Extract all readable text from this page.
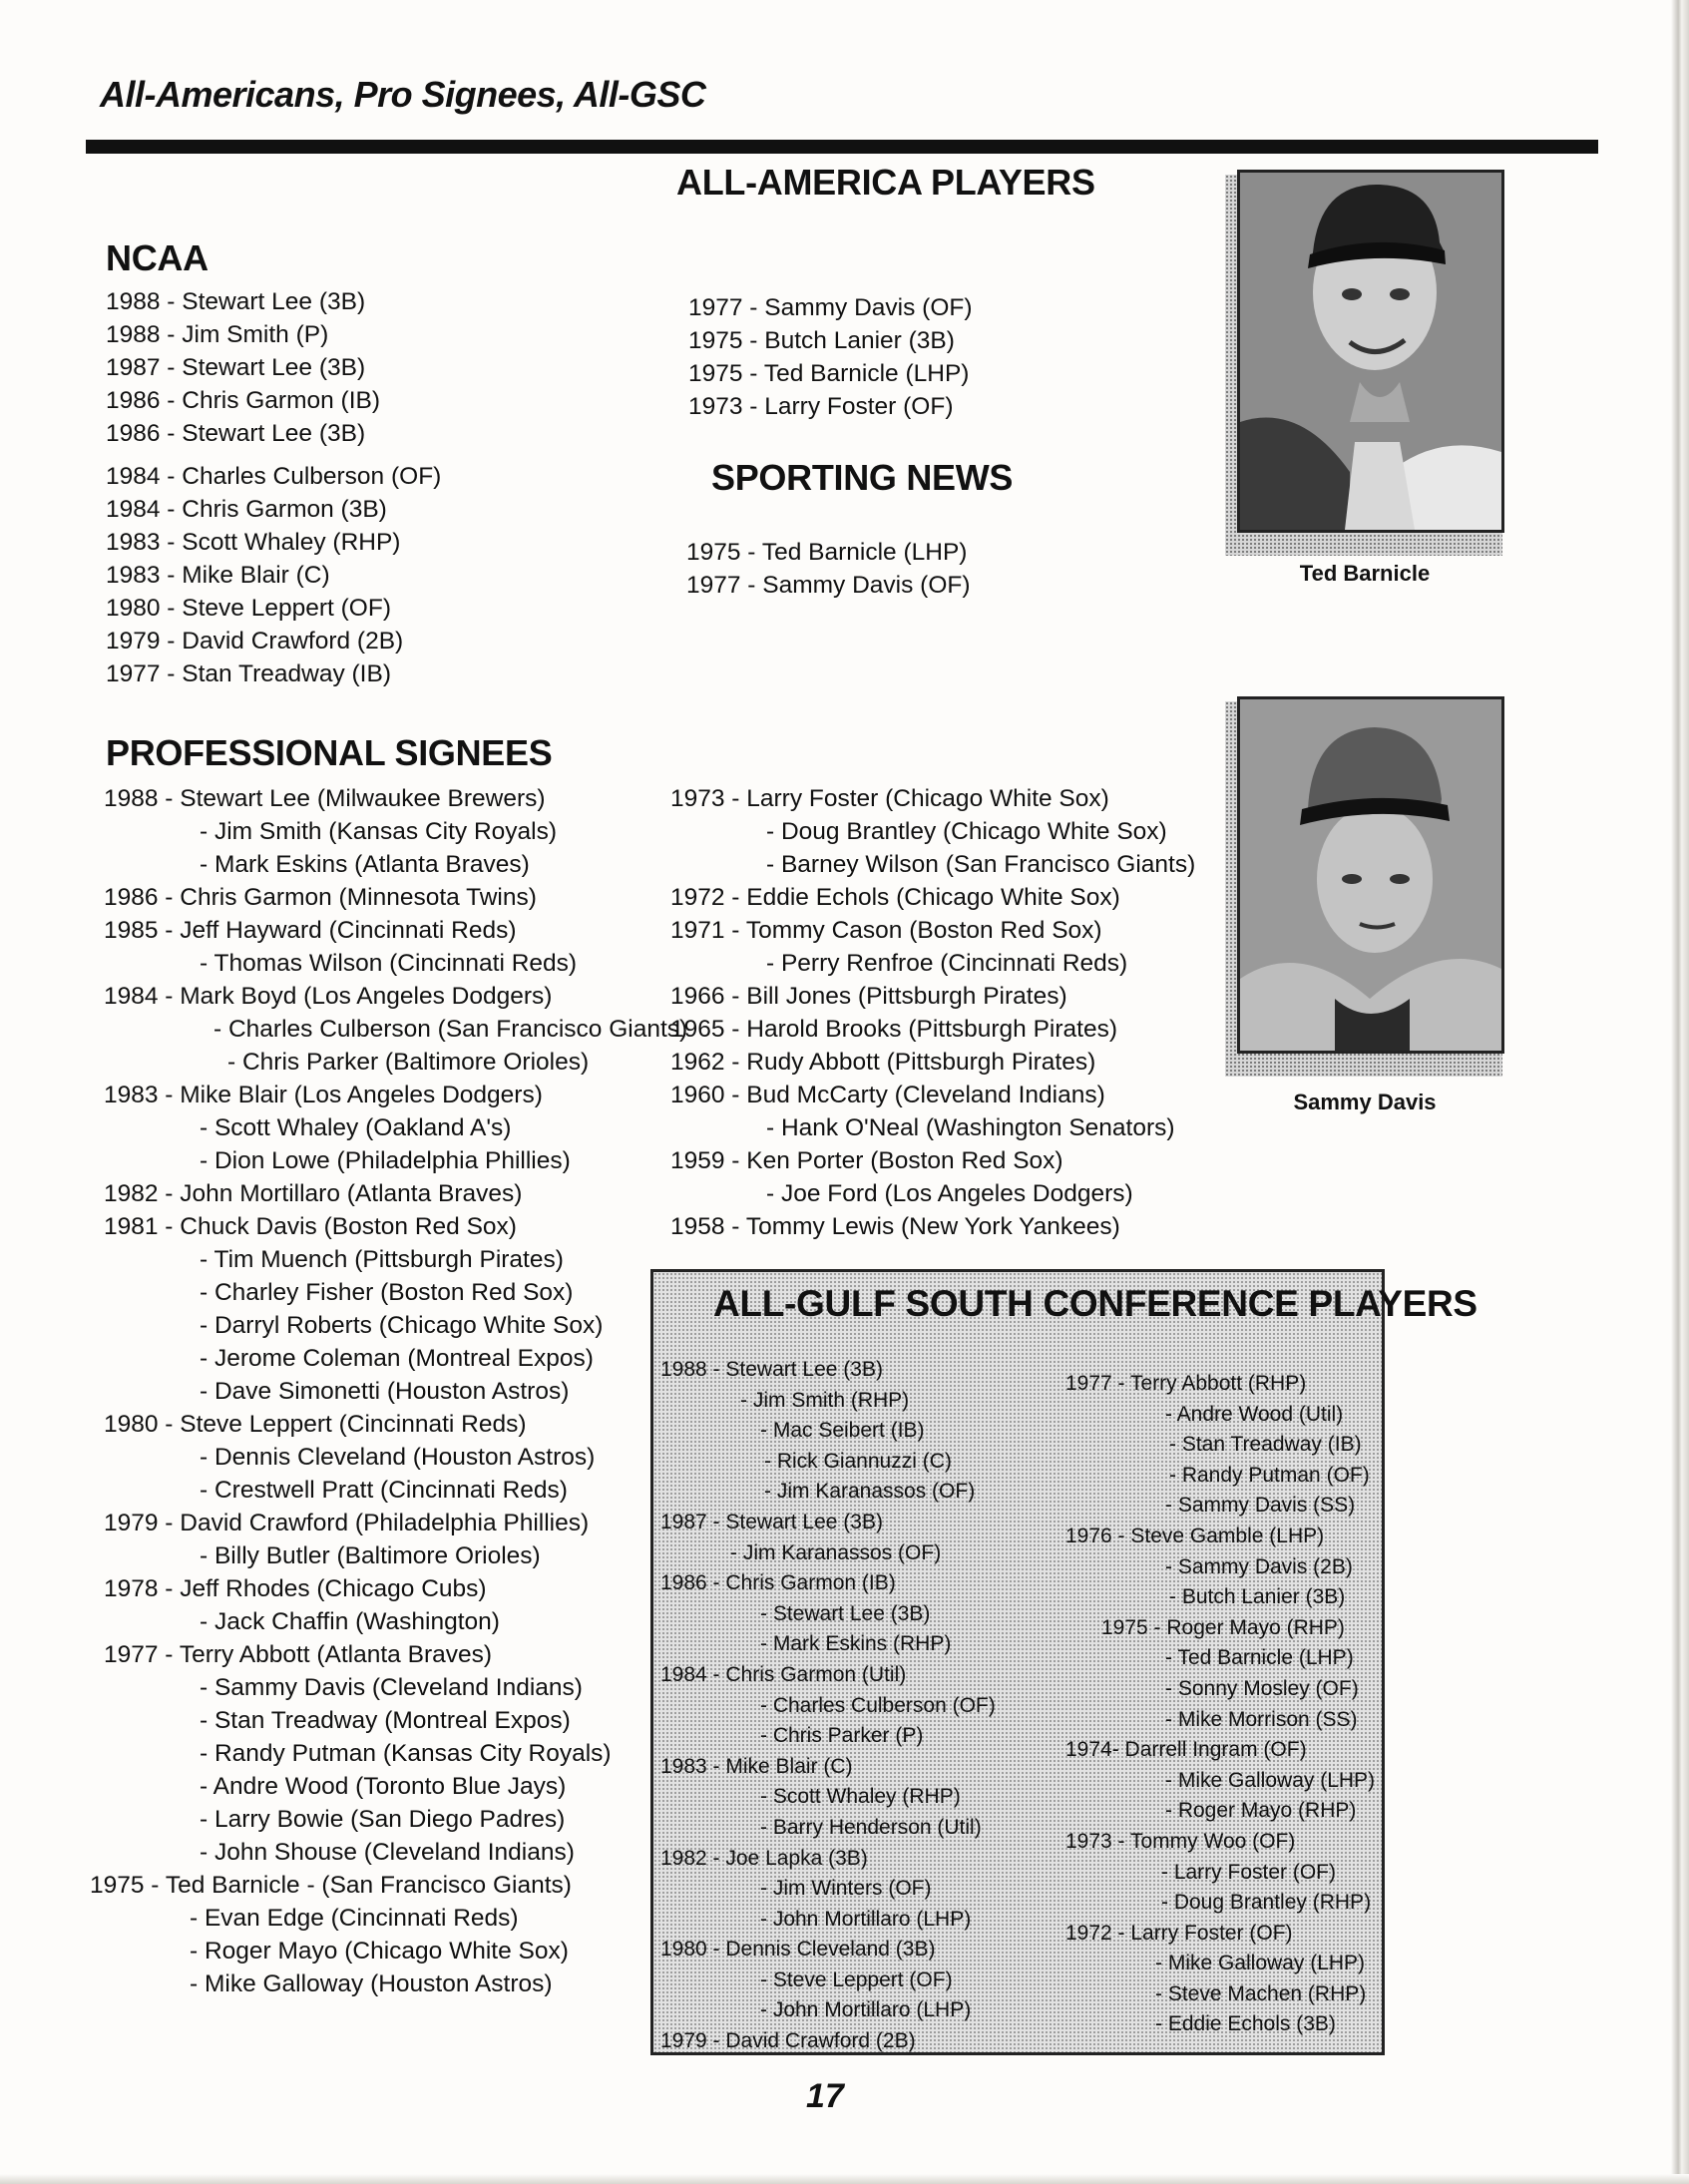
All-Americans, Pro Signees, All-GSC
ALL-AMERICA PLAYERS
NCAA
1988 - Stewart Lee (3B)
1988 - Jim Smith (P)
1987 - Stewart Lee (3B)
1986 - Chris Garmon (IB)
1986 - Stewart Lee (3B)
1984 - Charles Culberson (OF)
1984 - Chris Garmon (3B)
1983 - Scott Whaley (RHP)
1983 - Mike Blair (C)
1980 - Steve Leppert (OF)
1979 - David Crawford (2B)
1977 - Stan Treadway (IB)
1977 - Sammy Davis (OF)
1975 - Butch Lanier (3B)
1975 - Ted Barnicle (LHP)
1973 - Larry Foster (OF)
SPORTING NEWS
1975 - Ted Barnicle (LHP)
1977 - Sammy Davis (OF)	Ted Barnicle
Sammy Davis
PROFESSIONAL SIGNEES
1988 - Stewart Lee (Milwaukee Brewers)
- Jim Smith (Kansas City Royals)
- Mark Eskins (Atlanta Braves)
1986 - Chris Garmon (Minnesota Twins)
1985 - Jeff Hayward (Cincinnati Reds)
- Thomas Wilson (Cincinnati Reds)
1984 - Mark Boyd (Los Angeles Dodgers)
- Charles Culberson (San Francisco Giants)
- Chris Parker (Baltimore Orioles)
1983 - Mike Blair (Los Angeles Dodgers)
- Scott Whaley (Oakland A's)
- Dion Lowe (Philadelphia Phillies)
1982 - John Mortillaro (Atlanta Braves)
1981 - Chuck Davis (Boston Red Sox)
- Tim Muench (Pittsburgh Pirates)
- Charley Fisher (Boston Red Sox)
- Darryl Roberts (Chicago White Sox)
- Jerome Coleman (Montreal Expos)
- Dave Simonetti (Houston Astros)
1980 - Steve Leppert (Cincinnati Reds)
- Dennis Cleveland (Houston Astros)
- Crestwell Pratt (Cincinnati Reds)
1979 - David Crawford (Philadelphia Phillies)
- Billy Butler (Baltimore Orioles)
1978 - Jeff Rhodes (Chicago Cubs)
- Jack Chaffin (Washington)
1977 - Terry Abbott (Atlanta Braves)
- Sammy Davis (Cleveland Indians)
- Stan Treadway (Montreal Expos)
- Randy Putman (Kansas City Royals)
- Andre Wood (Toronto Blue Jays)
- Larry Bowie (San Diego Padres)
- John Shouse (Cleveland Indians)
1975 - Ted Barnicle - (San Francisco Giants)
- Evan Edge (Cincinnati Reds)
- Roger Mayo (Chicago White Sox)
- Mike Galloway (Houston Astros)
1973 - Larry Foster (Chicago White Sox)
- Doug Brantley (Chicago White Sox)
- Barney Wilson (San Francisco Giants)
1972 - Eddie Echols (Chicago White Sox)
1971 - Tommy Cason (Boston Red Sox)
- Perry Renfroe (Cincinnati Reds)
1966 - Bill Jones (Pittsburgh Pirates)
1965 - Harold Brooks (Pittsburgh Pirates)
1962 - Rudy Abbott (Pittsburgh Pirates)
1960 - Bud McCarty (Cleveland Indians)
- Hank O'Neal (Washington Senators)
1959 - Ken Porter (Boston Red Sox)
- Joe Ford (Los Angeles Dodgers)
1958 - Tommy Lewis (New York Yankees)
ALL-GULF SOUTH CONFERENCE PLAYERS
1988 - Stewart Lee (3B)
- Jim Smith (RHP)
- Mac Seibert (IB)
- Rick Giannuzzi (C)
- Jim Karanassos (OF)
1987 - Stewart Lee (3B)
- Jim Karanassos (OF)
1986 - Chris Garmon (IB)
- Stewart Lee (3B)
- Mark Eskins (RHP)
1984 - Chris Garmon (Util)
- Charles Culberson (OF)
- Chris Parker (P)
1983 - Mike Blair (C)
- Scott Whaley (RHP)
- Barry Henderson (Util)
1982 - Joe Lapka (3B)
- Jim Winters (OF)
- John Mortillaro (LHP)
1980 - Dennis Cleveland (3B)
- Steve Leppert (OF)
- John Mortillaro (LHP)
1979 - David Crawford (2B)
1977 - Terry Abbott (RHP)
- Andre Wood (Util)
- Stan Treadway (IB)
- Randy Putman (OF)
- Sammy Davis (SS)
1976 - Steve Gamble (LHP)
- Sammy Davis (2B)
- Butch Lanier (3B)
1975 - Roger Mayo (RHP)
- Ted Barnicle (LHP)
- Sonny Mosley (OF)
- Mike Morrison (SS)
1974- Darrell Ingram (OF)
- Mike Galloway (LHP)
- Roger Mayo (RHP)
1973 - Tommy Woo (OF)
- Larry Foster (OF)
- Doug Brantley (RHP)
1972 - Larry Foster (OF)
- Mike Galloway (LHP)
- Steve Machen (RHP)
- Eddie Echols (3B)
17
